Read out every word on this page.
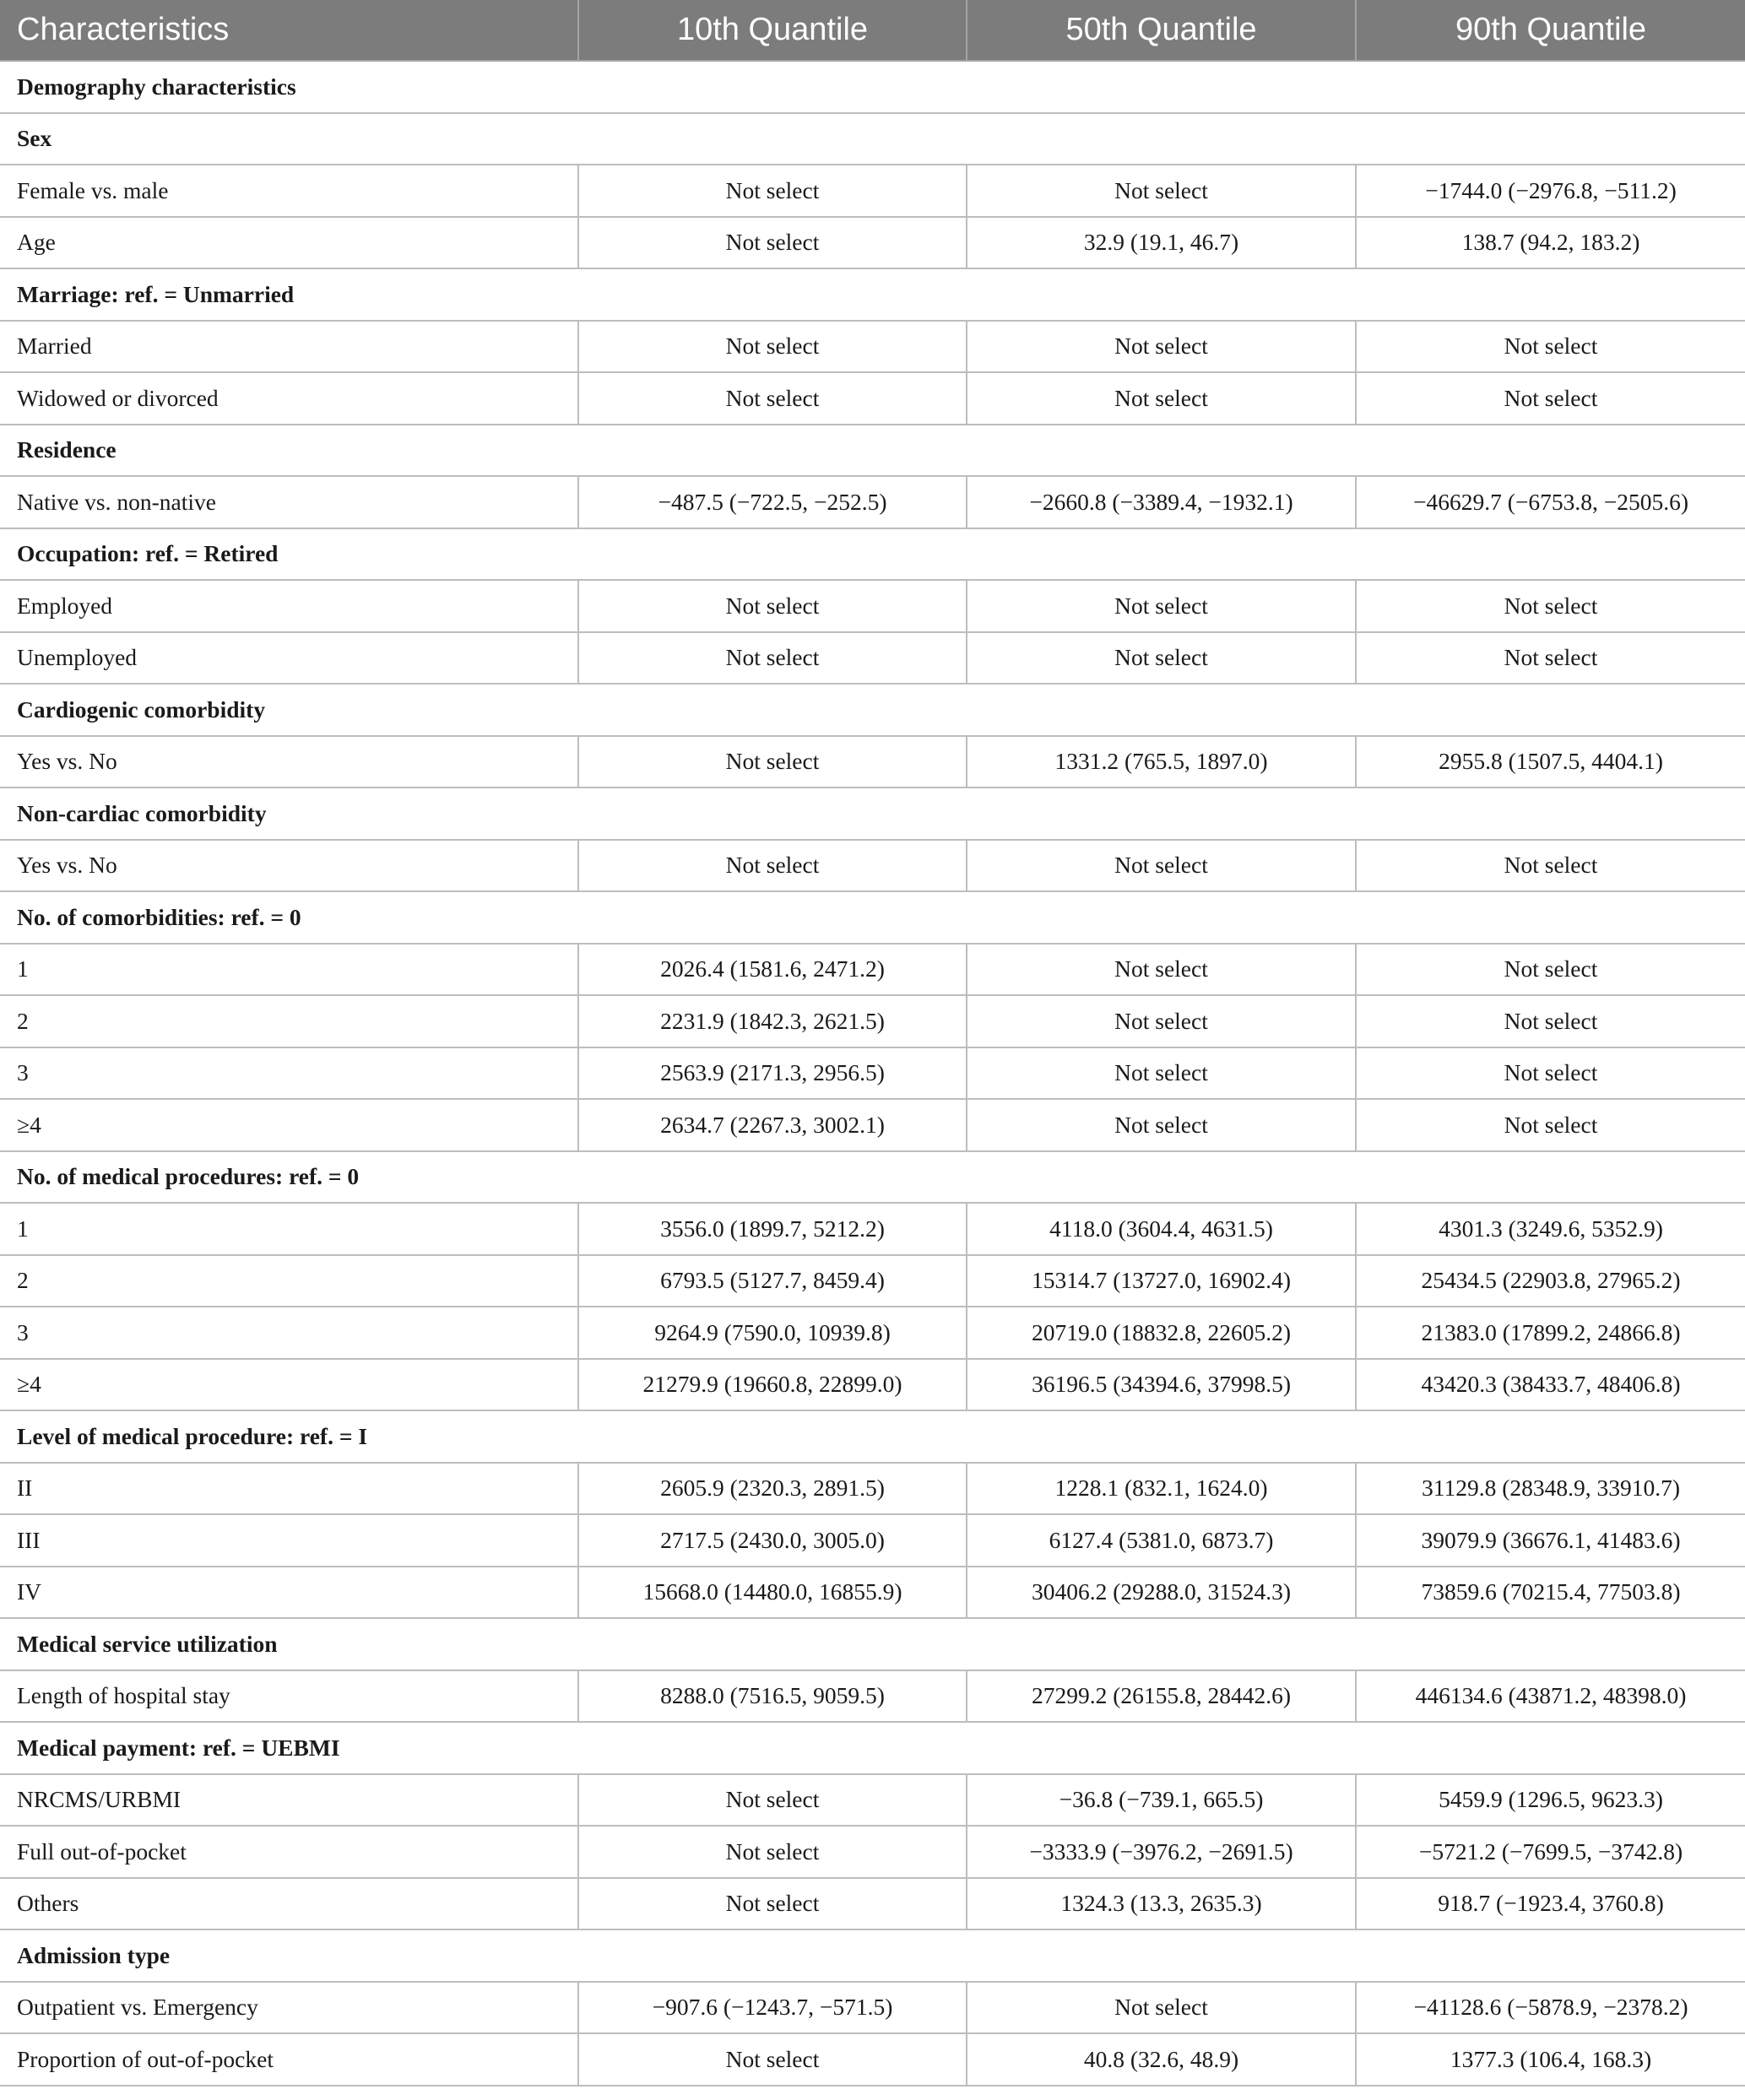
Characteristics	10th Quantile	50th Quantile	90th Quantile
Demography characteristics			
Sex			
Female vs. male	Not select	Not select	−1744.0 (−2976.8, −511.2)
Age	Not select	32.9 (19.1, 46.7)	138.7 (94.2, 183.2)
Marriage: ref. = Unmarried			
Married	Not select	Not select	Not select
Widowed or divorced	Not select	Not select	Not select
Residence			
Native vs. non-native	−487.5 (−722.5, −252.5)	−2660.8 (−3389.4, −1932.1)	−46629.7 (−6753.8, −2505.6)
Occupation: ref. = Retired			
Employed	Not select	Not select	Not select
Unemployed	Not select	Not select	Not select
Cardiogenic comorbidity			
Yes vs. No	Not select	1331.2 (765.5, 1897.0)	2955.8 (1507.5, 4404.1)
Non-cardiac comorbidity			
Yes vs. No	Not select	Not select	Not select
No. of comorbidities: ref. = 0			
1	2026.4 (1581.6, 2471.2)	Not select	Not select
2	2231.9 (1842.3, 2621.5)	Not select	Not select
3	2563.9 (2171.3, 2956.5)	Not select	Not select
≥4	2634.7 (2267.3, 3002.1)	Not select	Not select
No. of medical procedures: ref. = 0			
1	3556.0 (1899.7, 5212.2)	4118.0 (3604.4, 4631.5)	4301.3 (3249.6, 5352.9)
2	6793.5 (5127.7, 8459.4)	15314.7 (13727.0, 16902.4)	25434.5 (22903.8, 27965.2)
3	9264.9 (7590.0, 10939.8)	20719.0 (18832.8, 22605.2)	21383.0 (17899.2, 24866.8)
≥4	21279.9 (19660.8, 22899.0)	36196.5 (34394.6, 37998.5)	43420.3 (38433.7, 48406.8)
Level of medical procedure: ref. = I			
II	2605.9 (2320.3, 2891.5)	1228.1 (832.1, 1624.0)	31129.8 (28348.9, 33910.7)
III	2717.5 (2430.0, 3005.0)	6127.4 (5381.0, 6873.7)	39079.9 (36676.1, 41483.6)
IV	15668.0 (14480.0, 16855.9)	30406.2 (29288.0, 31524.3)	73859.6 (70215.4, 77503.8)
Medical service utilization			
Length of hospital stay	8288.0 (7516.5, 9059.5)	27299.2 (26155.8, 28442.6)	446134.6 (43871.2, 48398.0)
Medical payment: ref. = UEBMI			
NRCMS/URBMI	Not select	−36.8 (−739.1, 665.5)	5459.9 (1296.5, 9623.3)
Full out-of-pocket	Not select	−3333.9 (−3976.2, −2691.5)	−5721.2 (−7699.5, −3742.8)
Others	Not select	1324.3 (13.3, 2635.3)	918.7 (−1923.4, 3760.8)
Admission type			
Outpatient vs. Emergency	−907.6 (−1243.7, −571.5)	Not select	−41128.6 (−5878.9, −2378.2)
Proportion of out-of-pocket	Not select	40.8 (32.6, 48.9)	1377.3 (106.4, 168.3)
